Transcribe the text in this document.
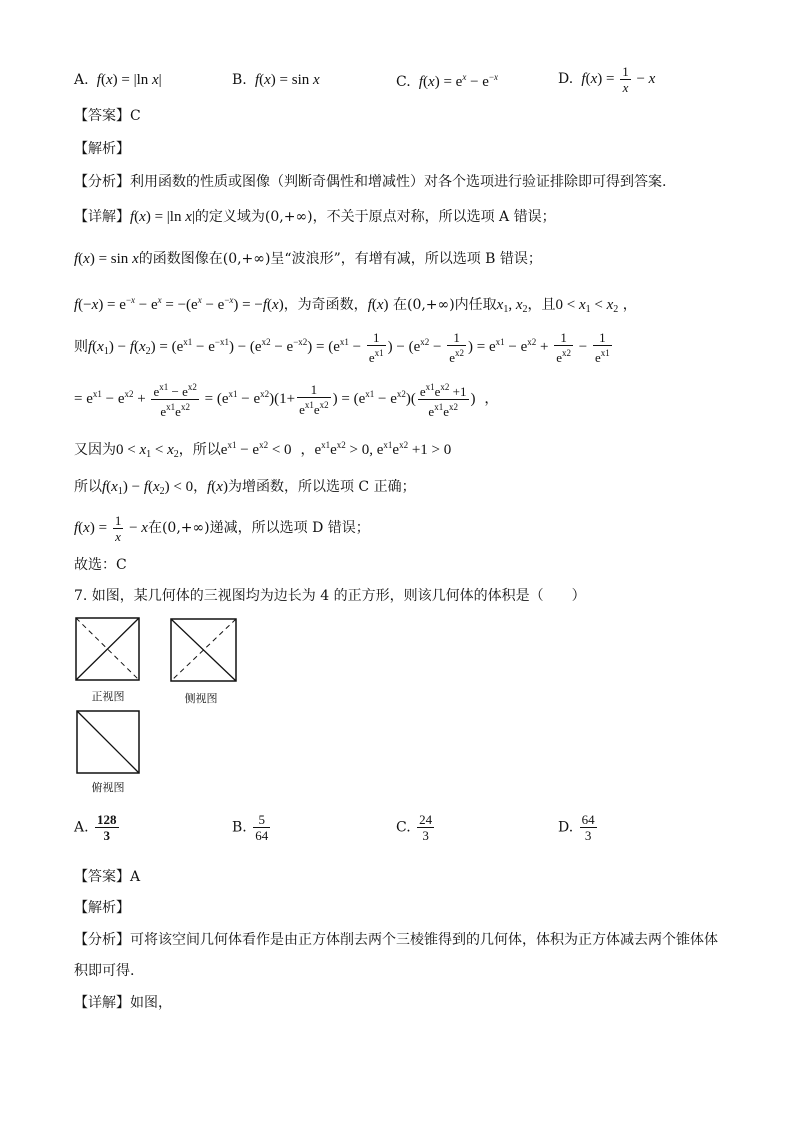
A. f(x) = |ln x|	B. f(x) = sin x	C. $f(x) = e^x - e^{-x}$	D. $f(x) = \frac{1}{x} - x$
【答案】C
【解析】
【分析】利用函数的性质或图像（判断奇偶性和增减性）对各个选项进行验证排除即可得到答案.
【详解】f(x) = |ln x|的定义域为(0,+∞)，不关于原点对称，所以选项 A 错误；
f(x) = sin x的函数图像在(0,+∞)呈“波浪形”，有增有减，所以选项 B 错误；
$f(-x) = e^{-x} - e^x = -(e^x - e^{-x}) = -f(x)$，为奇函数，f(x) 在(0,+∞)内任取$x_1$, $x_2$，且$0 < x_1 < x_2$ ，
则$f(x_1) - f(x_2) = (e^{x1} - e^{-x1}) - (e^{x2} - e^{-x2}) = (e^{x1} - \frac{1}{e^{x1}}$ ) − ($e^{x2} - \frac{1}{e^{x2}}$ ) = $e^{x1} - e^{x2} + \frac{1}{e^{x2}} - \frac{1}{e^{x1}}$
= $e^{x1} - e^{x2} + \frac{e^{x1} - e^{x2}}{e^{x1}e^{x2}} = (e^{x1} - e^{x2})(1+ \frac{1}{e^{x1}e^{x2}}$ ) = $(e^{x1} - e^{x2})( \frac{e^{x1}e^{x2} +1}{e^{x1}e^{x2}}$ )  ，
又因为$0 < x_1 < x_2$，所以$e^{x1} - e^{x2} < 0$  ，$e^{x1}e^{x2} > 0$, $e^{x1}e^{x2} +1 > 0$
所以$f(x_1) - f(x_2) < 0$，f(x)为增函数，所以选项 C 正确；
$f(x) = \frac{1}{x} - x$在(0,+∞)递减，所以选项 D 错误；
故选：C
7. 如图，某几何体的三视图均为边长为 4 的正方形，则该几何体的体积是（　　）
正视图	侧视图
俯视图
A. $\frac{128}{3}$	B. $\frac{5}{64}$	C. $\frac{24}{3}$	D. $\frac{64}{3}$
【答案】A
【解析】
【分析】可将该空间几何体看作是由正方体削去两个三棱锥得到的几何体，体积为正方体减去两个锥体体
积即可得.
【详解】如图，
